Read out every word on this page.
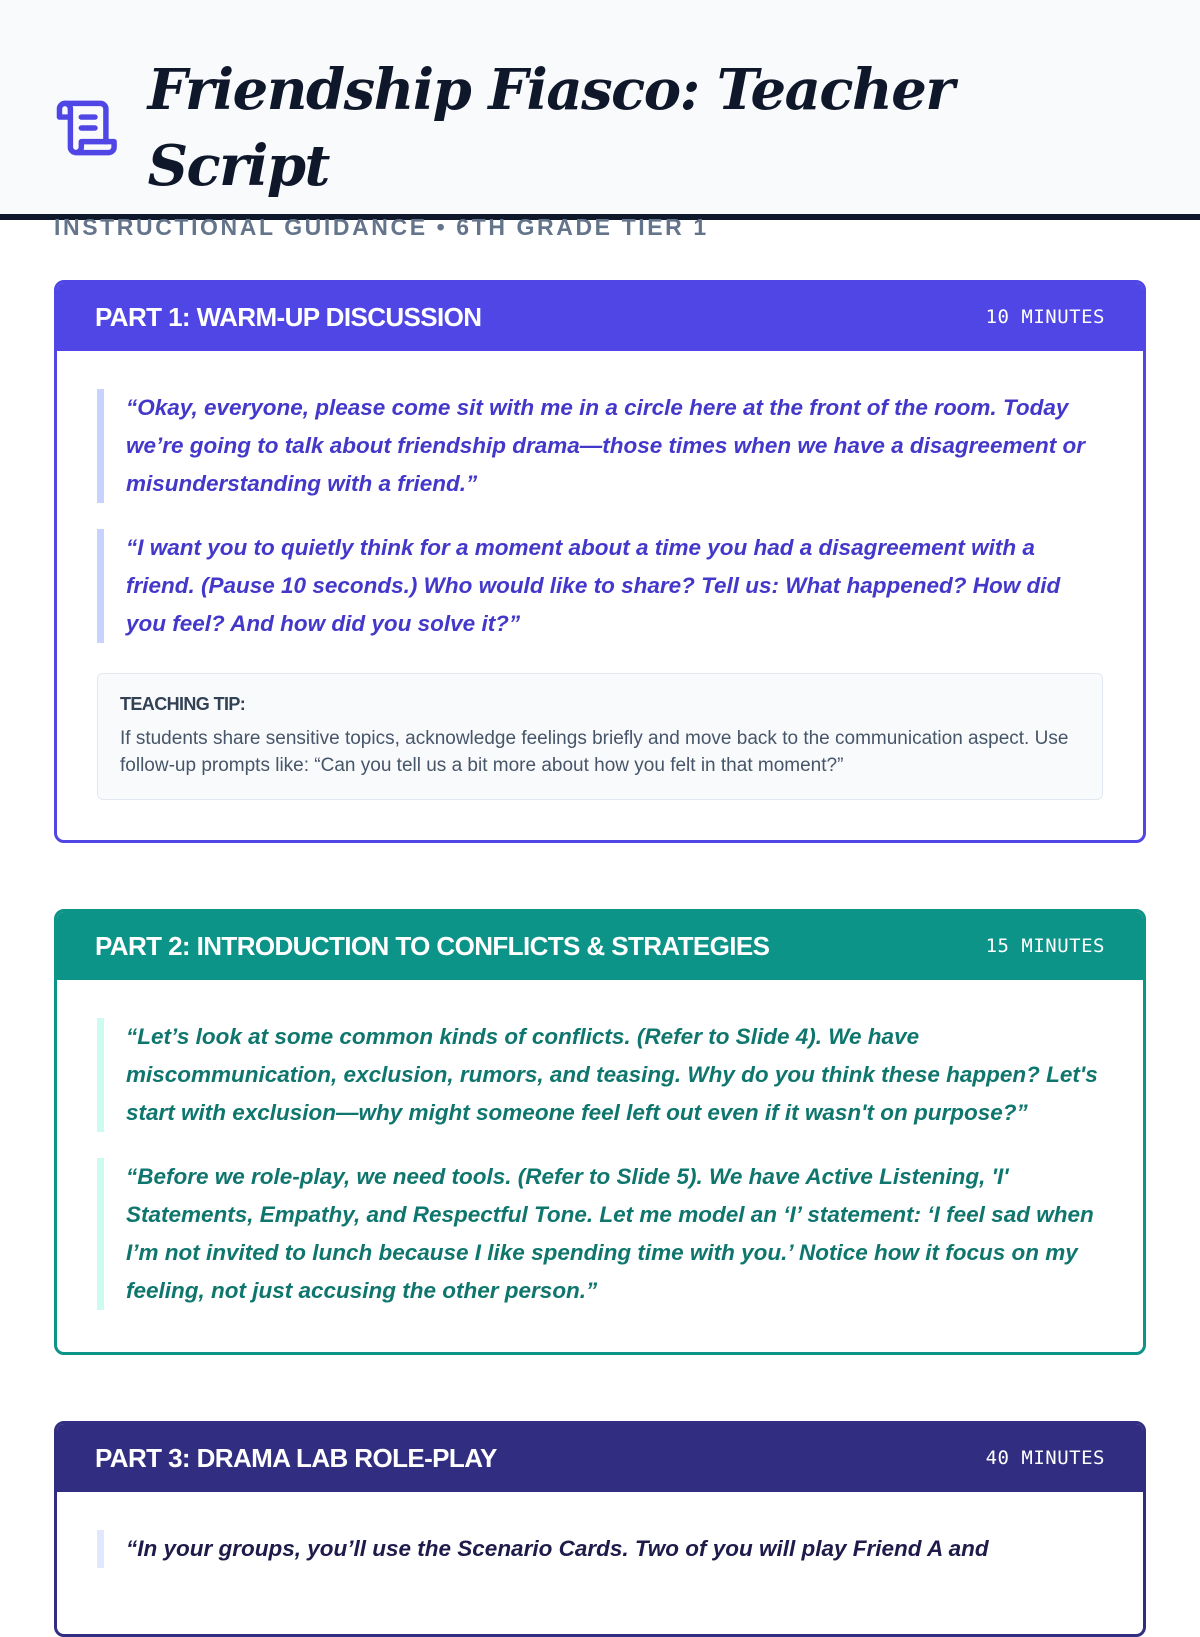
Friendship Fiasco: Teacher Script
INSTRUCTIONAL GUIDANCE • 6TH GRADE TIER 1
PART 1: WARM-UP DISCUSSION	10 MINUTES
“Okay, everyone, please come sit with me in a circle here at the front of the room. Today we’re going to talk about friendship drama—those times when we have a disagreement or misunderstanding with a friend.”
“I want you to quietly think for a moment about a time you had a disagreement with a friend. (Pause 10 seconds.) Who would like to share? Tell us: What happened? How did you feel? And how did you solve it?”
TEACHING TIP:
If students share sensitive topics, acknowledge feelings briefly and move back to the communication aspect. Use follow-up prompts like: “Can you tell us a bit more about how you felt in that moment?”
PART 2: INTRODUCTION TO CONFLICTS & STRATEGIES	15 MINUTES
“Let’s look at some common kinds of conflicts. (Refer to Slide 4). We have miscommunication, exclusion, rumors, and teasing. Why do you think these happen? Let's start with exclusion—why might someone feel left out even if it wasn't on purpose?”
“Before we role-play, we need tools. (Refer to Slide 5). We have Active Listening, 'I' Statements, Empathy, and Respectful Tone. Let me model an ‘I’ statement: ‘I feel sad when I’m not invited to lunch because I like spending time with you.’ Notice how it focus on my feeling, not just accusing the other person.”
PART 3: DRAMA LAB ROLE-PLAY	40 MINUTES
“In your groups, you’ll use the Scenario Cards. Two of you will play Friend A and
